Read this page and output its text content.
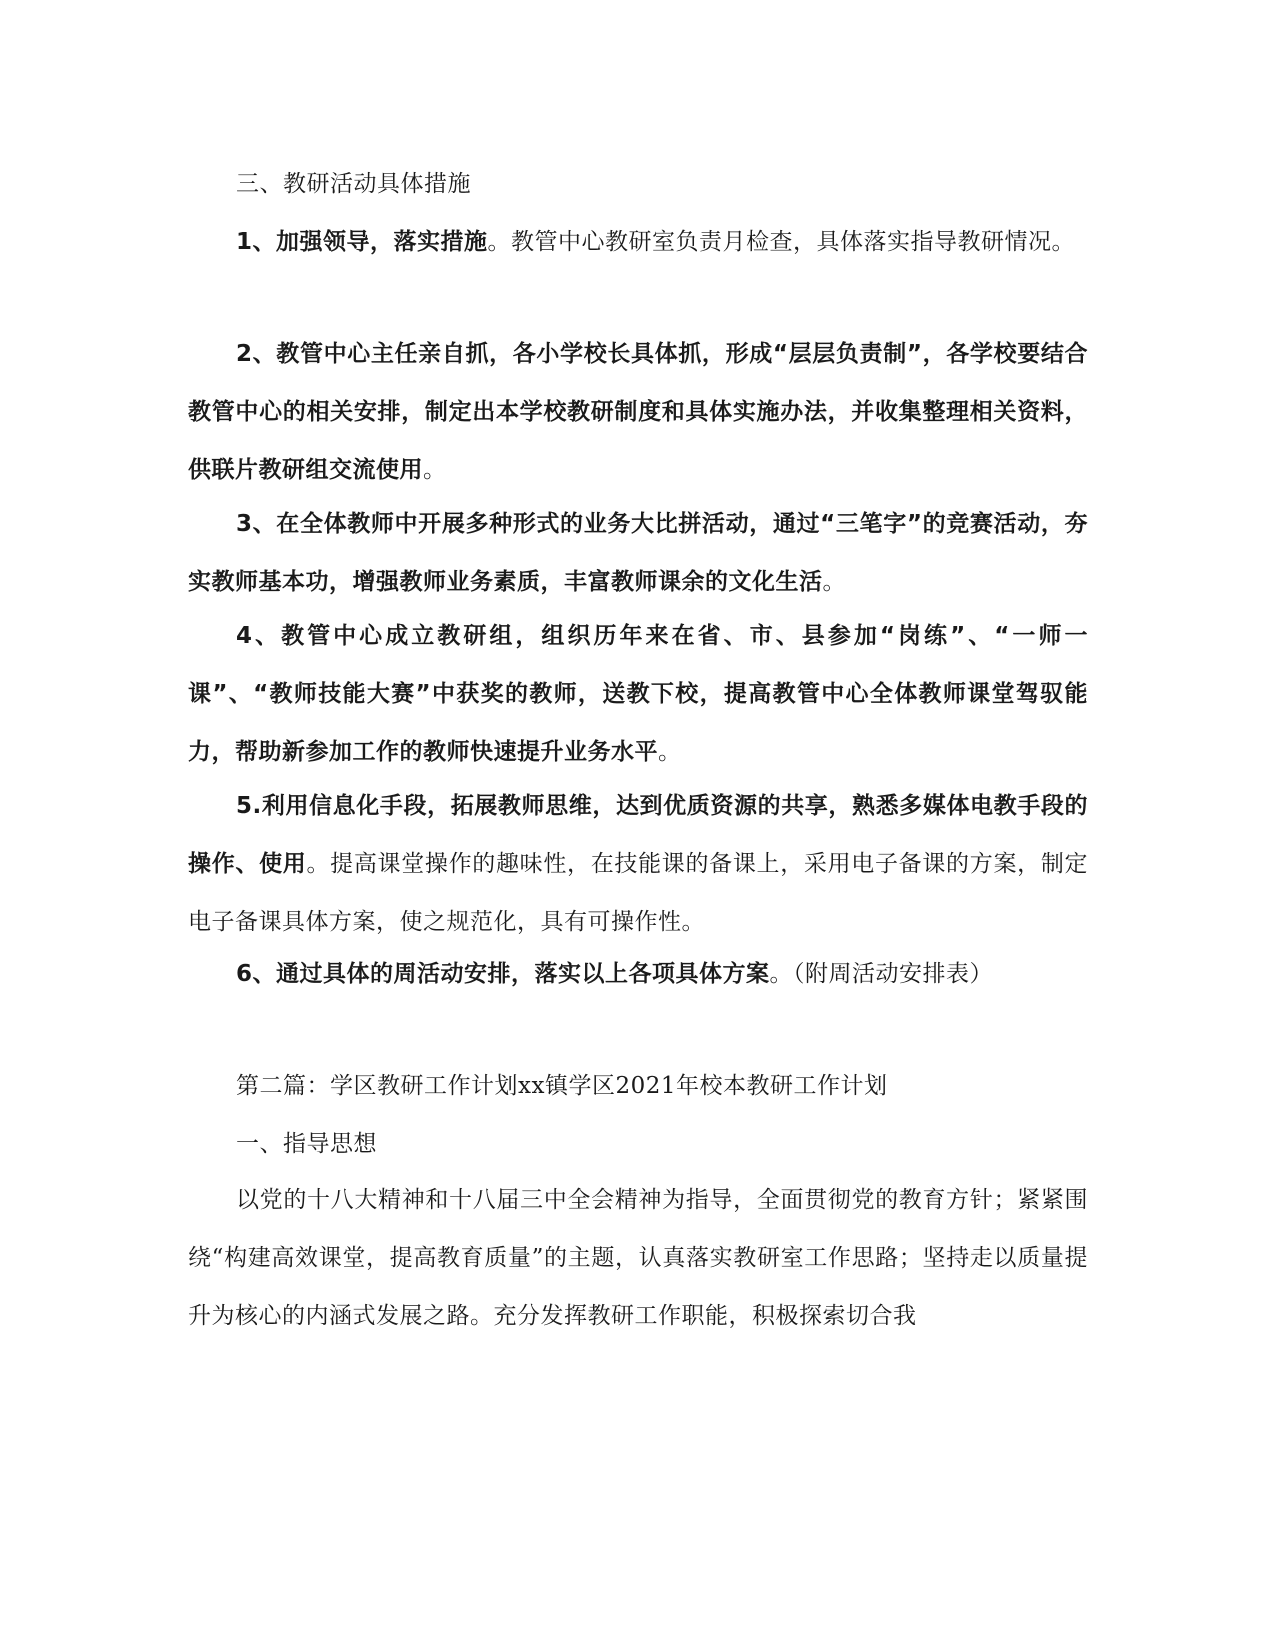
三、教研活动具体措施
1、加强领导，落实措施。教管中心教研室负责月检查，具体落实指导教研情况。
2、教管中心主任亲自抓，各小学校长具体抓，形成“层层负责制”，各学校要结合教管中心的相关安排，制定出本学校教研制度和具体实施办法，并收集整理相关资料，供联片教研组交流使用。
3、在全体教师中开展多种形式的业务大比拼活动，通过“三笔字”的竞赛活动，夯实教师基本功，增强教师业务素质，丰富教师课余的文化生活。
4、教管中心成立教研组，组织历年来在省、市、县参加“岗练”、“一师一课”、“教师技能大赛”中获奖的教师，送教下校，提高教管中心全体教师课堂驾驭能力，帮助新参加工作的教师快速提升业务水平。
5.利用信息化手段，拓展教师思维，达到优质资源的共享，熟悉多媒体电教手段的操作、使用。提高课堂操作的趣味性，在技能课的备课上，采用电子备课的方案，制定电子备课具体方案，使之规范化，具有可操作性。
6、通过具体的周活动安排，落实以上各项具体方案。（附周活动安排表）
第二篇：学区教研工作计划xx镇学区2021年校本教研工作计划
一、指导思想
以党的十八大精神和十八届三中全会精神为指导，全面贯彻党的教育方针；紧紧围绕“构建高效课堂，提高教育质量”的主题，认真落实教研室工作思路；坚持走以质量提升为核心的内涵式发展之路。充分发挥教研工作职能，积极探索切合我
